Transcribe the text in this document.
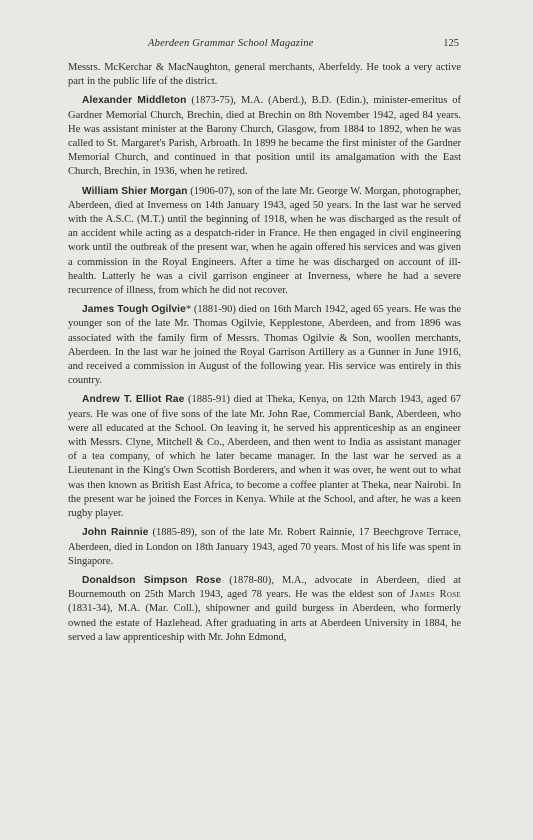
Aberdeen Grammar School Magazine	125

Messrs. McKerchar & MacNaughton, general merchants, Aberfeldy. He took a very active part in the public life of the district.

Alexander Middleton (1873-75), M.A. (Aberd.), B.D. (Edin.), minister-emeritus of Gardner Memorial Church, Brechin, died at Brechin on 8th November 1942, aged 84 years. He was assistant minister at the Barony Church, Glasgow, from 1884 to 1892, when he was called to St. Margaret's Parish, Arbroath. In 1899 he became the first minister of the Gardner Memorial Church, and continued in that position until its amalgamation with the East Church, Brechin, in 1936, when he retired.

William Shier Morgan (1906-07), son of the late Mr. George W. Morgan, photographer, Aberdeen, died at Inverness on 14th January 1943, aged 50 years. In the last war he served with the A.S.C. (M.T.) until the beginning of 1918, when he was discharged as the result of an accident while acting as a despatch-rider in France. He then engaged in civil engineering work until the outbreak of the present war, when he again offered his services and was given a commission in the Royal Engineers. After a time he was discharged on account of ill-health. Latterly he was a civil garrison engineer at Inverness, where he had a severe recurrence of illness, from which he did not recover.

James Tough Ogilvie* (1881-90) died on 16th March 1942, aged 65 years. He was the younger son of the late Mr. Thomas Ogilvie, Kepplestone, Aberdeen, and from 1896 was associated with the family firm of Messrs. Thomas Ogilvie & Son, woollen merchants, Aberdeen. In the last war he joined the Royal Garrison Artillery as a Gunner in June 1916, and received a commission in August of the following year. His service was entirely in this country.

Andrew T. Elliot Rae (1885-91) died at Theka, Kenya, on 12th March 1943, aged 67 years. He was one of five sons of the late Mr. John Rae, Commercial Bank, Aberdeen, who were all educated at the School. On leaving it, he served his apprenticeship as an engineer with Messrs. Clyne, Mitchell & Co., Aberdeen, and then went to India as assistant manager of a tea company, of which he later became manager. In the last war he served as a Lieutenant in the King's Own Scottish Borderers, and when it was over, he went out to what was then known as British East Africa, to become a coffee planter at Theka, near Nairobi. In the present war he joined the Forces in Kenya. While at the School, and after, he was a keen rugby player.

John Rainnie (1885-89), son of the late Mr. Robert Rainnie, 17 Beechgrove Terrace, Aberdeen, died in London on 18th January 1943, aged 70 years. Most of his life was spent in Singapore.

Donaldson Simpson Rose (1878-80), M.A., advocate in Aberdeen, died at Bournemouth on 25th March 1943, aged 78 years. He was the eldest son of James Rose (1831-34), M.A. (Mar. Coll.), shipowner and guild burgess in Aberdeen, who formerly owned the estate of Hazlehead. After graduating in arts at Aberdeen University in 1884, he served a law apprenticeship with Mr. John Edmond,
